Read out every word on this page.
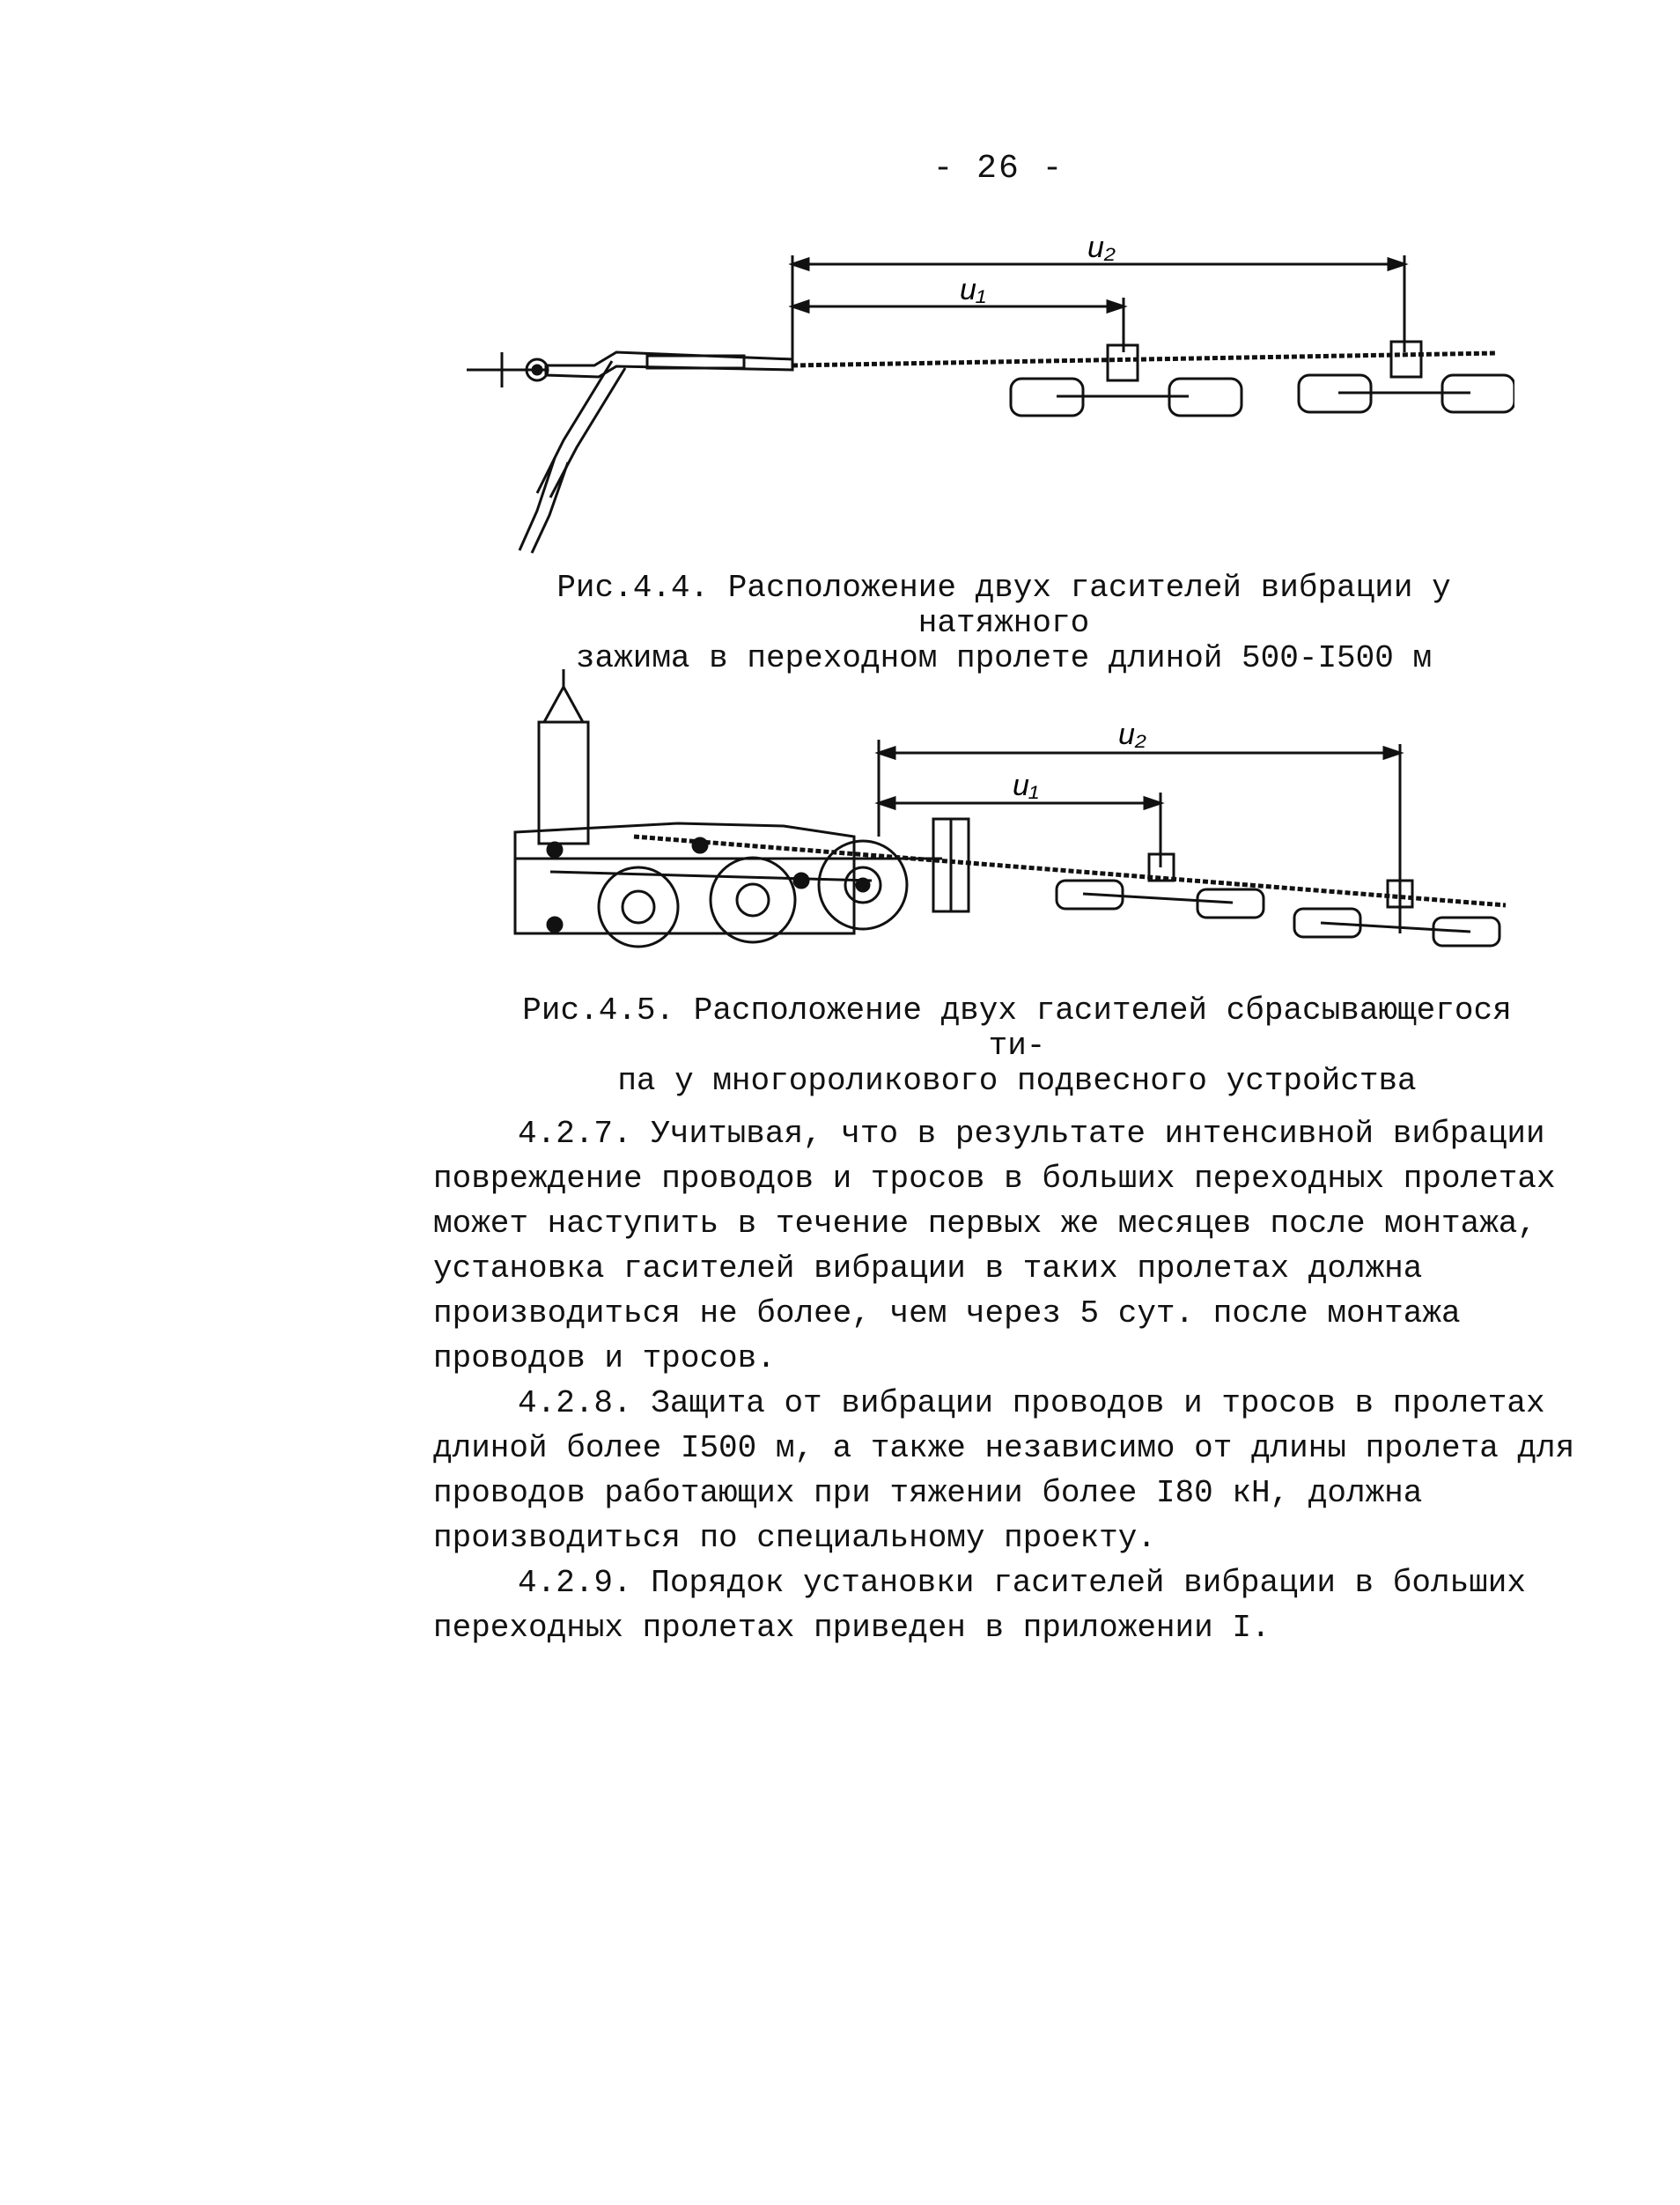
- 26 -
u₂
u₁
Рис.4.4. Расположение двух гасителей вибрации у натяжного
зажима в переходном пролете длиной 500-I500 м
u₂
u₁
Рис.4.5. Расположение двух гасителей сбрасывающегося ти-
па у многороликового подвесного устройства

4.2.7. Учитывая, что в результате интенсивной вибрации повреждение проводов и тросов в больших переходных пролетах может наступить в течение первых же месяцев после монтажа, установка гасителей вибрации в таких пролетах должна производиться не более, чем через 5 сут. после монтажа проводов и тросов.

4.2.8. Защита от вибрации проводов и тросов в пролетах длиной более I500 м, а также независимо от длины пролета для проводов работающих при тяжении более I80 кН, должна производиться по специальному проекту.

4.2.9. Порядок установки гасителей вибрации в больших переходных пролетах приведен в приложении I.
